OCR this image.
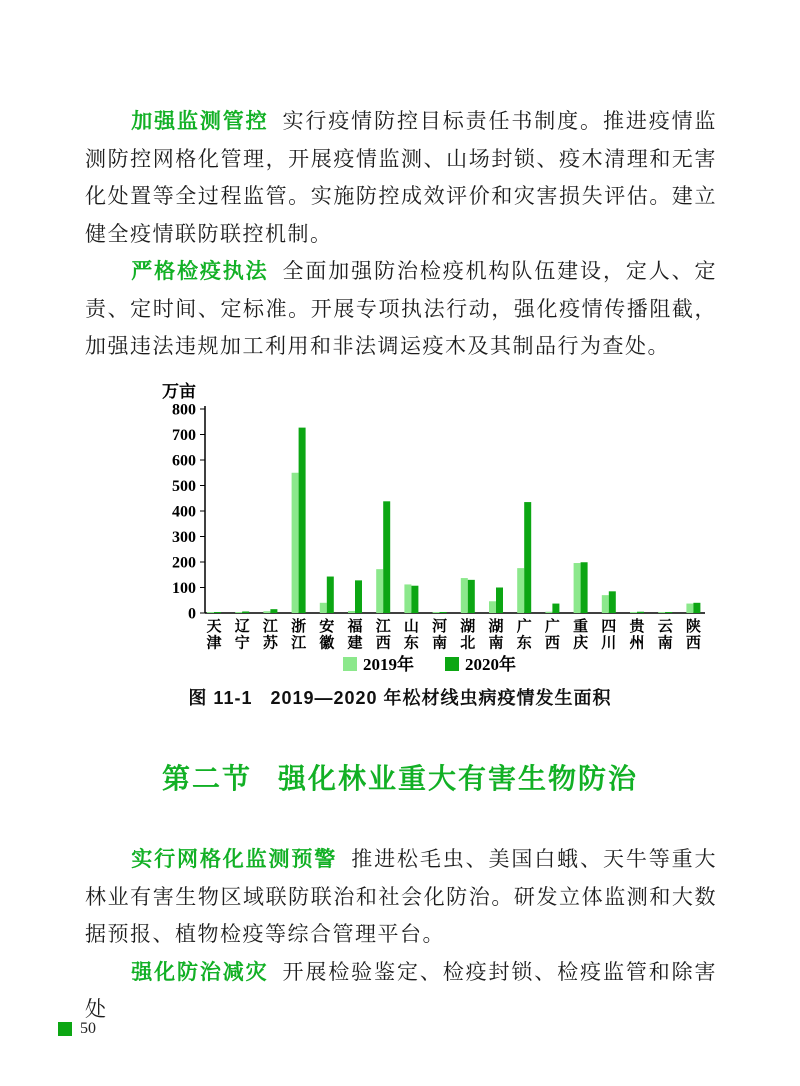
加强监测管控 实行疫情防控目标责任书制度。推进疫情监测防控网格化管理，开展疫情监测、山场封锁、疫木清理和无害化处置等全过程监管。实施防控成效评价和灾害损失评估。建立健全疫情联防联控机制。

严格检疫执法 全面加强防治检疫机构队伍建设，定人、定责、定时间、定标准。开展专项执法行动，强化疫情传播阻截，加强违法违规加工利用和非法调运疫木及其制品行为查处。

万亩
0
100
200
300
400
500
600
700
800
天津
辽宁
江苏
浙江
安徽
福建
江西
山东
河南
湖北
湖南
广东
广西
重庆
四川
贵州
云南
陕西
2019年	2020年
图 11-1 2019—2020 年松材线虫病疫情发生面积
第二节 强化林业重大有害生物防治

实行网格化监测预警 推进松毛虫、美国白蛾、天牛等重大林业有害生物区域联防联治和社会化防治。研发立体监测和大数据预报、植物检疫等综合管理平台。

强化防治减灾 开展检验鉴定、检疫封锁、检疫监管和除害处

50
